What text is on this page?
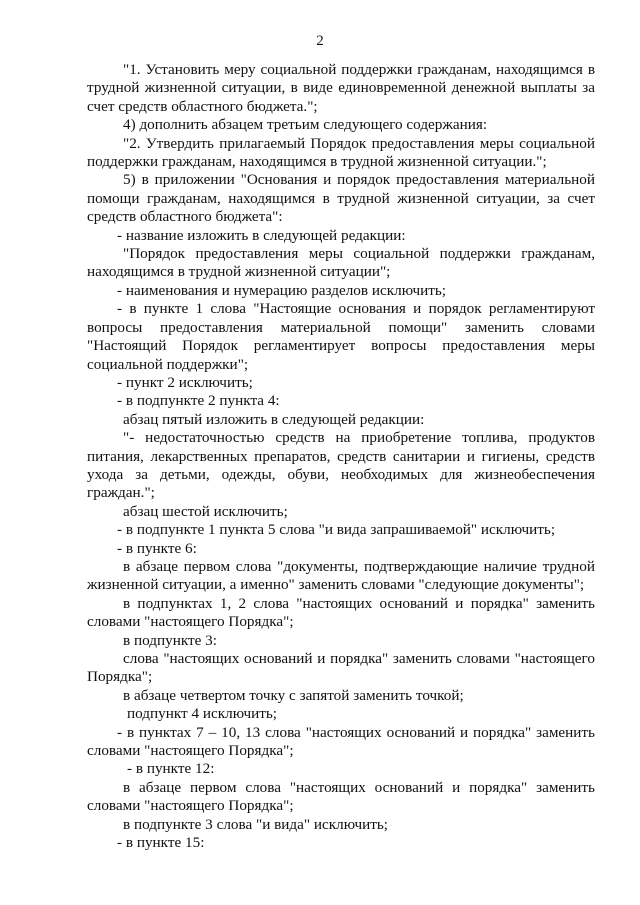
2

"1. Установить меру социальной поддержки гражданам, находящимся в трудной жизненной ситуации, в виде единовременной денежной выплаты за счет средств областного бюджета.";

4) дополнить абзацем третьим следующего содержания:

"2. Утвердить прилагаемый Порядок предоставления меры социальной поддержки гражданам, находящимся в трудной жизненной ситуации.";

5) в приложении "Основания и порядок предоставления материальной помощи гражданам, находящимся в трудной жизненной ситуации, за счет средств областного бюджета":

- название изложить в следующей редакции:

"Порядок предоставления меры социальной поддержки гражданам, находящимся в трудной жизненной ситуации";

- наименования и нумерацию разделов исключить;

- в пункте 1 слова "Настоящие основания и порядок регламентируют вопросы предоставления материальной помощи" заменить словами "Настоящий Порядок регламентирует вопросы предоставления меры социальной поддержки";

- пункт 2 исключить;

- в подпункте 2 пункта 4:

абзац пятый изложить в следующей редакции:

"- недостаточностью средств на приобретение топлива, продуктов питания, лекарственных препаратов, средств санитарии и гигиены, средств ухода за детьми, одежды, обуви, необходимых для жизнеобеспечения граждан.";

абзац шестой исключить;

- в подпункте 1 пункта 5 слова "и вида запрашиваемой" исключить;

- в пункте 6:

в абзаце первом слова "документы, подтверждающие наличие трудной жизненной ситуации, а именно" заменить словами "следующие документы";

в подпунктах 1, 2 слова "настоящих оснований и порядка" заменить словами "настоящего Порядка";

в подпункте 3:

слова "настоящих оснований и порядка" заменить словами "настоящего Порядка";

в абзаце четвертом точку с запятой заменить точкой;

подпункт 4 исключить;

- в пунктах 7 – 10, 13 слова "настоящих оснований и порядка" заменить словами "настоящего Порядка";

- в пункте 12:

в абзаце первом слова "настоящих оснований и порядка" заменить словами "настоящего Порядка";

в подпункте 3 слова "и вида" исключить;

- в пункте 15:
